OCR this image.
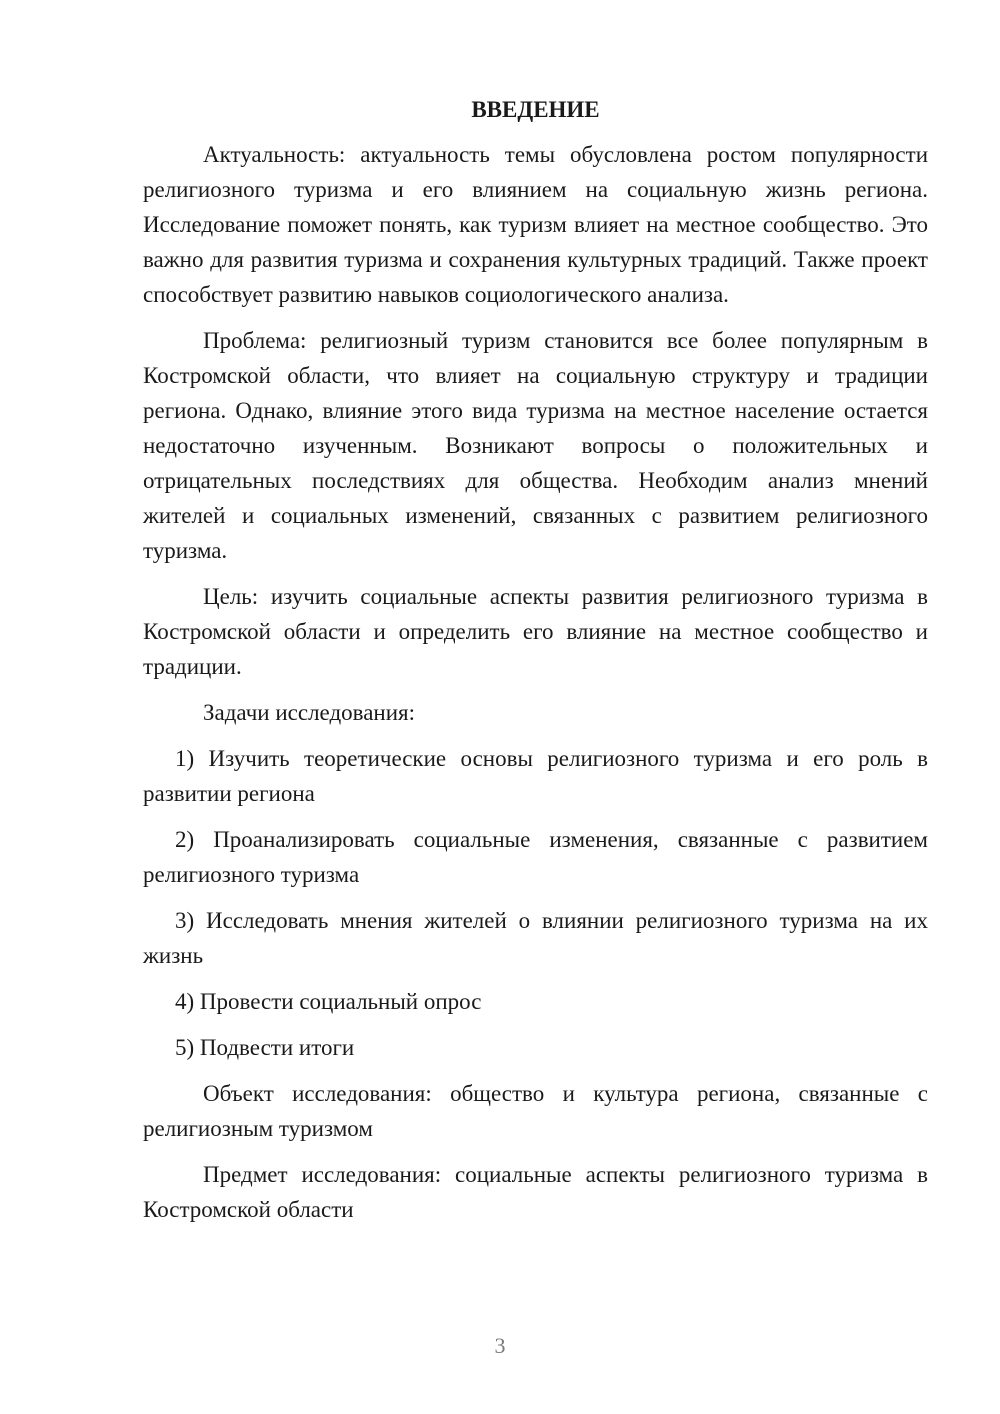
ВВЕДЕНИЕ

Актуальность: актуальность темы обусловлена ростом популярности религиозного туризма и его влиянием на социальную жизнь региона. Исследование поможет понять, как туризм влияет на местное сообщество. Это важно для развития туризма и сохранения культурных традиций. Также проект способствует развитию навыков социологического анализа.

Проблема: религиозный туризм становится все более популярным в Костромской области, что влияет на социальную структуру и традиции региона. Однако, влияние этого вида туризма на местное население остается недостаточно изученным. Возникают вопросы о положительных и отрицательных последствиях для общества. Необходим анализ мнений жителей и социальных изменений, связанных с развитием религиозного туризма.

Цель: изучить социальные аспекты развития религиозного туризма в Костромской области и определить его влияние на местное сообщество и традиции.

Задачи исследования:

1) Изучить теоретические основы религиозного туризма и его роль в развитии региона

2) Проанализировать социальные изменения, связанные с развитием религиозного туризма

3) Исследовать мнения жителей о влиянии религиозного туризма на их жизнь

4) Провести социальный опрос

5) Подвести итоги

Объект исследования: общество и культура региона, связанные с религиозным туризмом

Предмет исследования: социальные аспекты религиозного туризма в Костромской области

3
